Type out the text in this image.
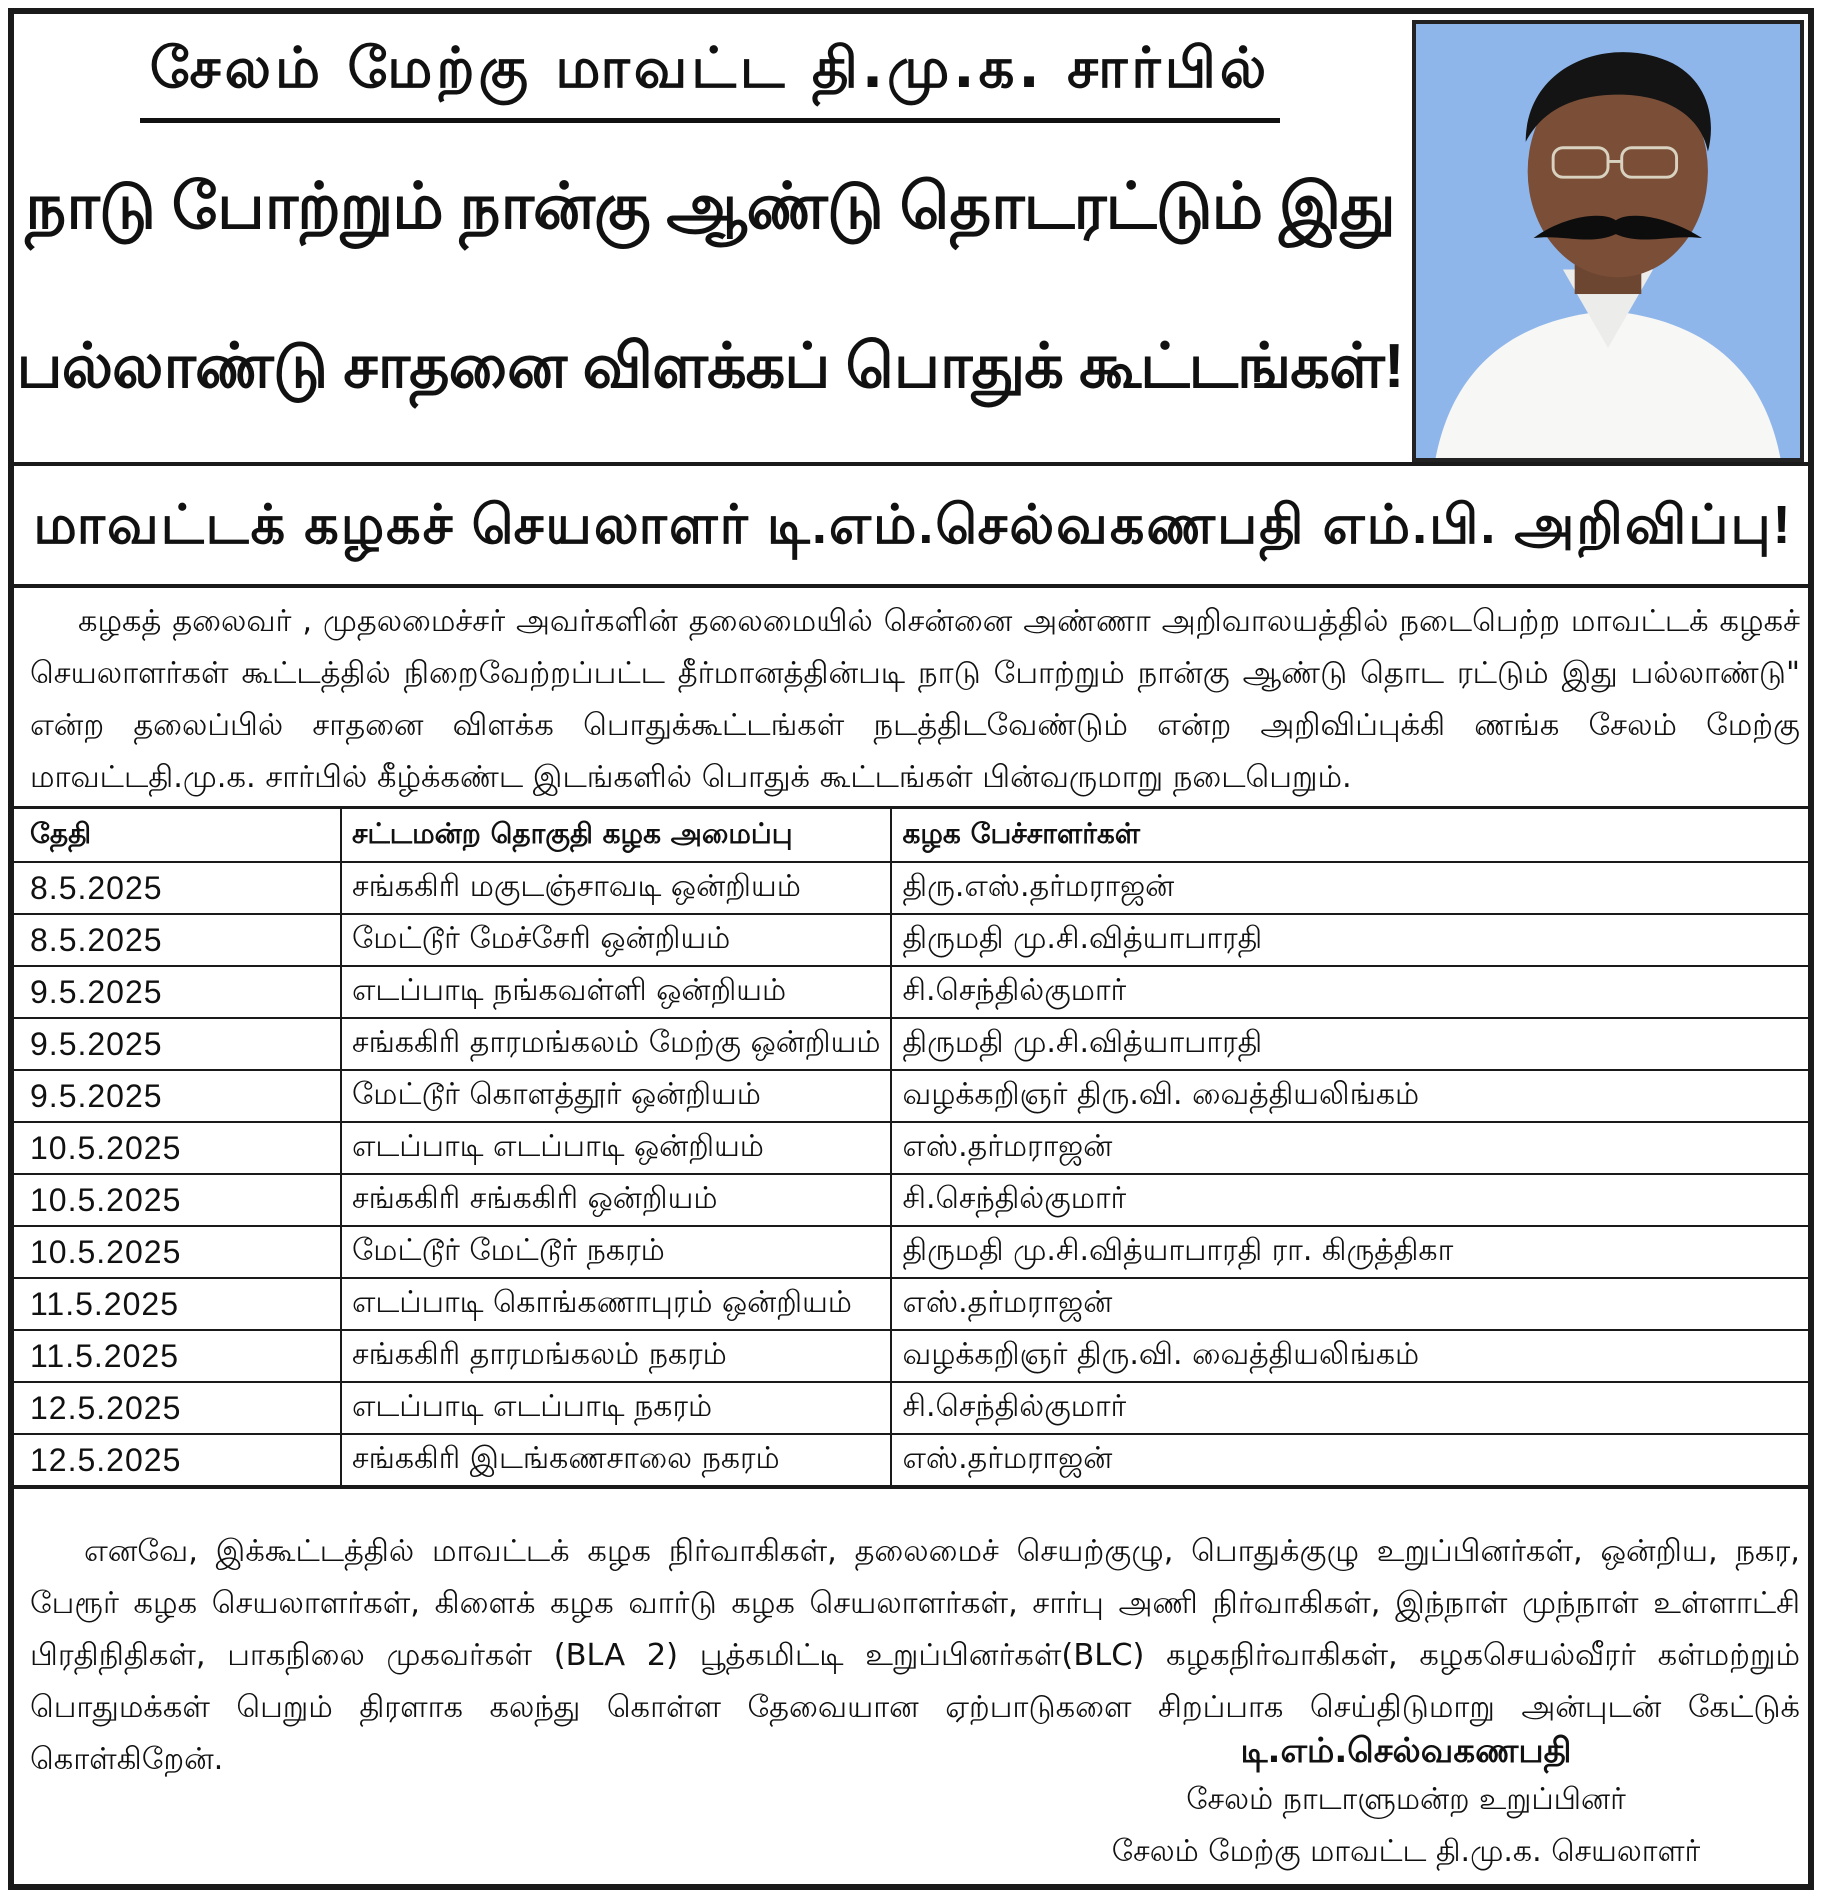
சேலம் மேற்கு மாவட்ட தி.மு.க. சார்பில்
நாடு போற்றும் நான்கு ஆண்டு தொடரட்டும் இது
பல்லாண்டு சாதனை விளக்கப் பொதுக் கூட்டங்கள்!
மாவட்டக் கழகச் செயலாளர் டி.எம்.செல்வகணபதி எம்.பி. அறிவிப்பு!

கழகத் தலைவர் , முதலமைச்சர் அவர்களின் தலைமையில் சென்னை அண்ணா அறிவாலயத்தில் நடைபெற்ற மாவட்டக் கழகச் செயலாளர்கள் கூட்டத்தில் நிறைவேற்றப்பட்ட தீர்மானத்தின்படி நாடு போற்றும் நான்கு ஆண்டு தொட ரட்டும் இது பல்லாண்டு" என்ற தலைப்பில் சாதனை விளக்க பொதுக்கூட்டங்கள் நடத்திடவேண்டும் என்ற அறிவிப்புக்கி ணங்க சேலம் மேற்கு மாவட்டதி.மு.க. சார்பில் கீழ்க்கண்ட இடங்களில் பொதுக் கூட்டங்கள் பின்வருமாறு நடைபெறும்.

தேதி	சட்டமன்ற தொகுதி கழக அமைப்பு	கழக பேச்சாளர்கள்
8.5.2025	சங்ககிரி மகுடஞ்சாவடி ஒன்றியம்	திரு.எஸ்.தர்மராஜன்
8.5.2025	மேட்டூர் மேச்சேரி ஒன்றியம்	திருமதி மு.சி.வித்யாபாரதி
9.5.2025	எடப்பாடி நங்கவள்ளி ஒன்றியம்	சி.செந்தில்குமார்
9.5.2025	சங்ககிரி தாரமங்கலம் மேற்கு ஒன்றியம்	திருமதி மு.சி.வித்யாபாரதி
9.5.2025	மேட்டூர் கொளத்தூர் ஒன்றியம்	வழக்கறிஞர் திரு.வி. வைத்தியலிங்கம்
10.5.2025	எடப்பாடி எடப்பாடி ஒன்றியம்	எஸ்.தர்மராஜன்
10.5.2025	சங்ககிரி சங்ககிரி ஒன்றியம்	சி.செந்தில்குமார்
10.5.2025	மேட்டூர் மேட்டூர் நகரம்	திருமதி மு.சி.வித்யாபாரதி ரா. கிருத்திகா
11.5.2025	எடப்பாடி கொங்கணாபுரம் ஒன்றியம்	எஸ்.தர்மராஜன்
11.5.2025	சங்ககிரி தாரமங்கலம் நகரம்	வழக்கறிஞர் திரு.வி. வைத்தியலிங்கம்
12.5.2025	எடப்பாடி எடப்பாடி நகரம்	சி.செந்தில்குமார்
12.5.2025	சங்ககிரி இடங்கணசாலை நகரம்	எஸ்.தர்மராஜன்

எனவே, இக்கூட்டத்தில் மாவட்டக் கழக நிர்வாகிகள், தலைமைச் செயற்குழு, பொதுக்குழு உறுப்பினர்கள், ஒன்றிய, நகர, பேரூர் கழக செயலாளர்கள், கிளைக் கழக வார்டு கழக செயலாளர்கள், சார்பு அணி நிர்வாகிகள், இந்நாள் முந்நாள் உள்ளாட்சி பிரதிநிதிகள், பாகநிலை முகவர்கள் (BLA 2) பூத்கமிட்டி உறுப்பினர்கள்(BLC) கழகநிர்வாகிகள், கழகசெயல்வீரர் கள்மற்றும் பொதுமக்கள் பெறும் திரளாக கலந்து கொள்ள தேவையான ஏற்பாடுகளை சிறப்பாக செய்திடுமாறு அன்புடன் கேட்டுக் கொள்கிறேன்.	டி.எம்.செல்வகணபதி
சேலம் நாடாளுமன்ற உறுப்பினர்
சேலம் மேற்கு மாவட்ட தி.மு.க. செயலாளர்
